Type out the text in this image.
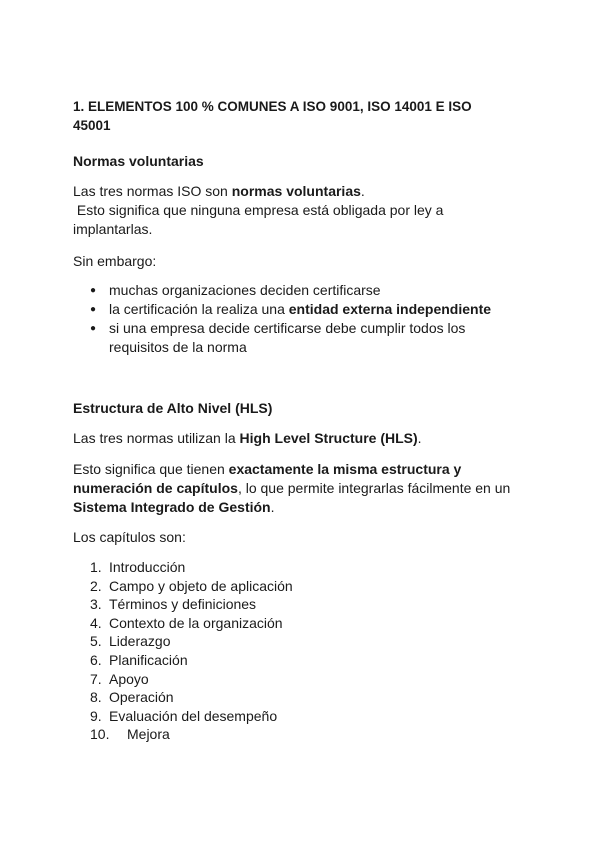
1. ELEMENTOS 100 % COMUNES A ISO 9001, ISO 14001 E ISO
45001
Normas voluntarias
Las tres normas ISO son normas voluntarias.
Esto significa que ninguna empresa está obligada por ley a
implantarlas.
Sin embargo:
● muchas organizaciones deciden certificarse
● la certificación la realiza una entidad externa independiente
● si una empresa decide certificarse debe cumplir todos los
requisitos de la norma
Estructura de Alto Nivel (HLS)
Las tres normas utilizan la High Level Structure (HLS).
Esto significa que tienen exactamente la misma estructura y
numeración de capítulos, lo que permite integrarlas fácilmente en un
Sistema Integrado de Gestión.
Los capítulos son:
1. Introducción
2. Campo y objeto de aplicación
3. Términos y definiciones
4. Contexto de la organización
5. Liderazgo
6. Planificación
7. Apoyo
8. Operación
9. Evaluación del desempeño
10. Mejora
